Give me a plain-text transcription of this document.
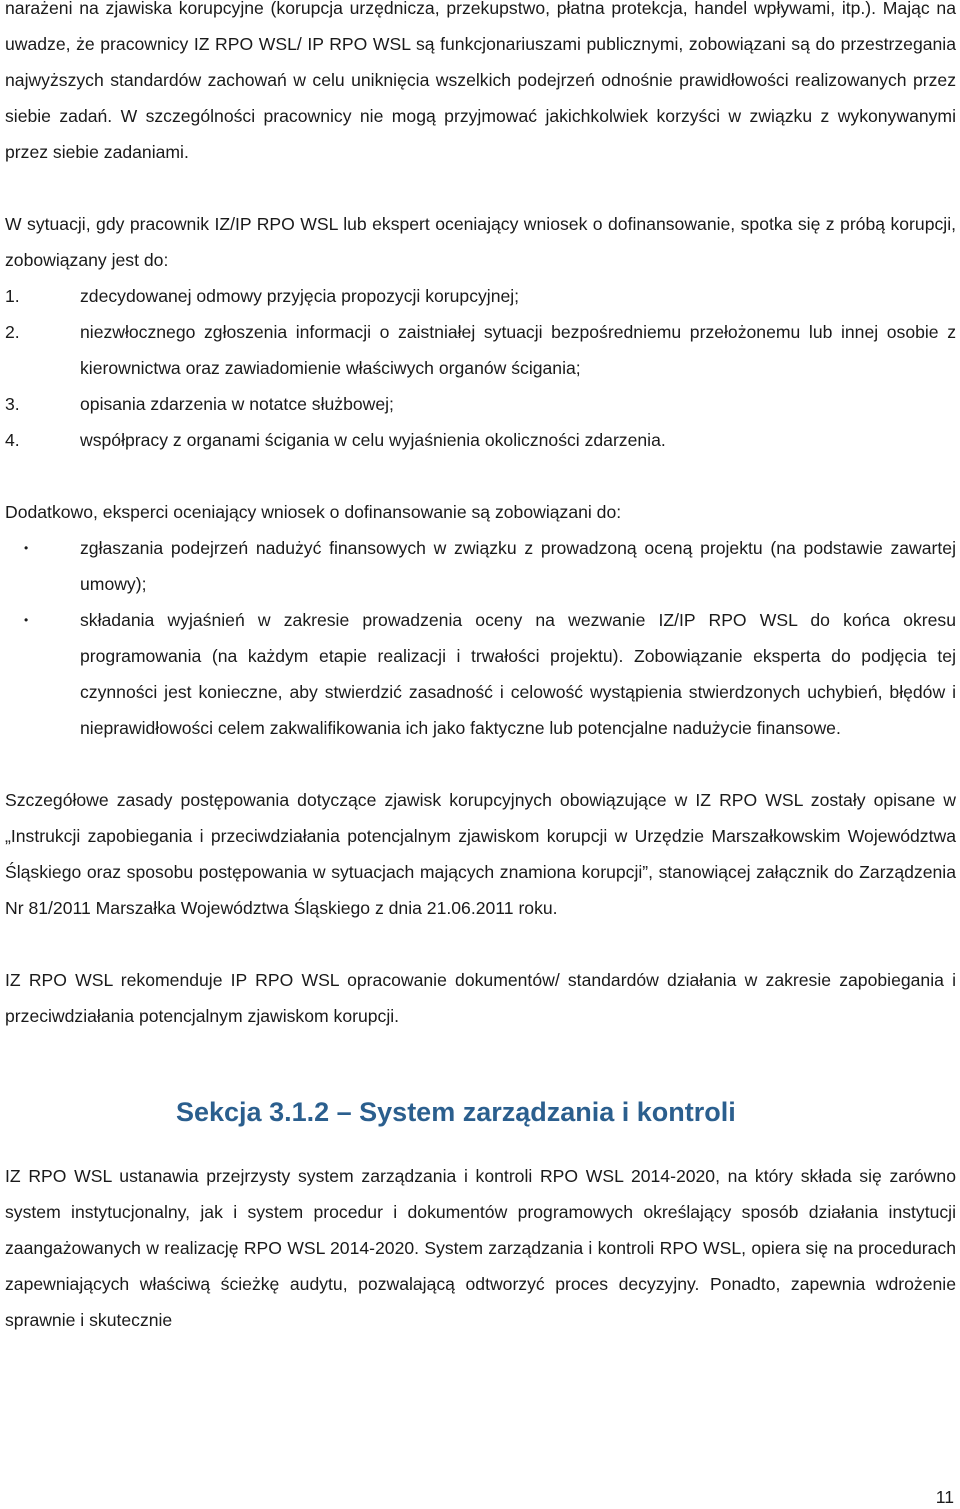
narażeni na zjawiska korupcyjne (korupcja urzędnicza, przekupstwo, płatna protekcja, handel wpływami, itp.). Mając na uwadze, że pracownicy IZ RPO WSL/ IP RPO WSL są funkcjonariuszami publicznymi, zobowiązani są do przestrzegania najwyższych standardów zachowań w celu uniknięcia wszelkich podejrzeń odnośnie prawidłowości realizowanych przez siebie zadań. W szczególności pracownicy nie mogą przyjmować jakichkolwiek korzyści w związku z wykonywanymi przez siebie zadaniami.

W sytuacji, gdy pracownik IZ/IP RPO WSL lub ekspert oceniający wniosek o dofinansowanie, spotka się z próbą korupcji, zobowiązany jest do:

1.	zdecydowanej odmowy przyjęcia propozycji korupcyjnej;
2.	niezwłocznego zgłoszenia informacji o zaistniałej sytuacji bezpośredniemu przełożonemu lub innej osobie z kierownictwa oraz zawiadomienie właściwych organów ścigania;
3.	opisania zdarzenia w notatce służbowej;
4.	współpracy z organami ścigania w celu wyjaśnienia okoliczności zdarzenia.

Dodatkowo, eksperci oceniający wniosek o dofinansowanie są zobowiązani do:

•	zgłaszania podejrzeń nadużyć finansowych w związku z prowadzoną oceną projektu (na podstawie zawartej umowy);
•	składania wyjaśnień w zakresie prowadzenia oceny na wezwanie IZ/IP RPO WSL do końca okresu programowania (na każdym etapie realizacji i trwałości projektu). Zobowiązanie eksperta do podjęcia tej czynności jest konieczne, aby stwierdzić zasadność i celowość wystąpienia stwierdzonych uchybień, błędów i nieprawidłowości celem zakwalifikowania ich jako faktyczne lub potencjalne nadużycie finansowe.

Szczegółowe zasady postępowania dotyczące zjawisk korupcyjnych obowiązujące w IZ RPO WSL zostały opisane w „Instrukcji zapobiegania i przeciwdziałania potencjalnym zjawiskom korupcji w Urzędzie Marszałkowskim Województwa Śląskiego oraz sposobu postępowania w sytuacjach mających znamiona korupcji”, stanowiącej załącznik do Zarządzenia Nr 81/2011 Marszałka Województwa Śląskiego z dnia 21.06.2011 roku.

IZ RPO WSL rekomenduje IP RPO WSL opracowanie dokumentów/ standardów działania w zakresie zapobiegania i przeciwdziałania potencjalnym zjawiskom korupcji.

Sekcja 3.1.2 – System zarządzania i kontroli

IZ RPO WSL ustanawia przejrzysty system zarządzania i kontroli RPO WSL 2014-2020, na który składa się zarówno system instytucjonalny, jak i system procedur i dokumentów programowych określający sposób działania instytucji zaangażowanych w realizację RPO WSL 2014-2020. System zarządzania i kontroli RPO WSL, opiera się na procedurach zapewniających właściwą ścieżkę audytu, pozwalającą odtworzyć proces decyzyjny. Ponadto, zapewnia wdrożenie sprawnie i skutecznie

11
